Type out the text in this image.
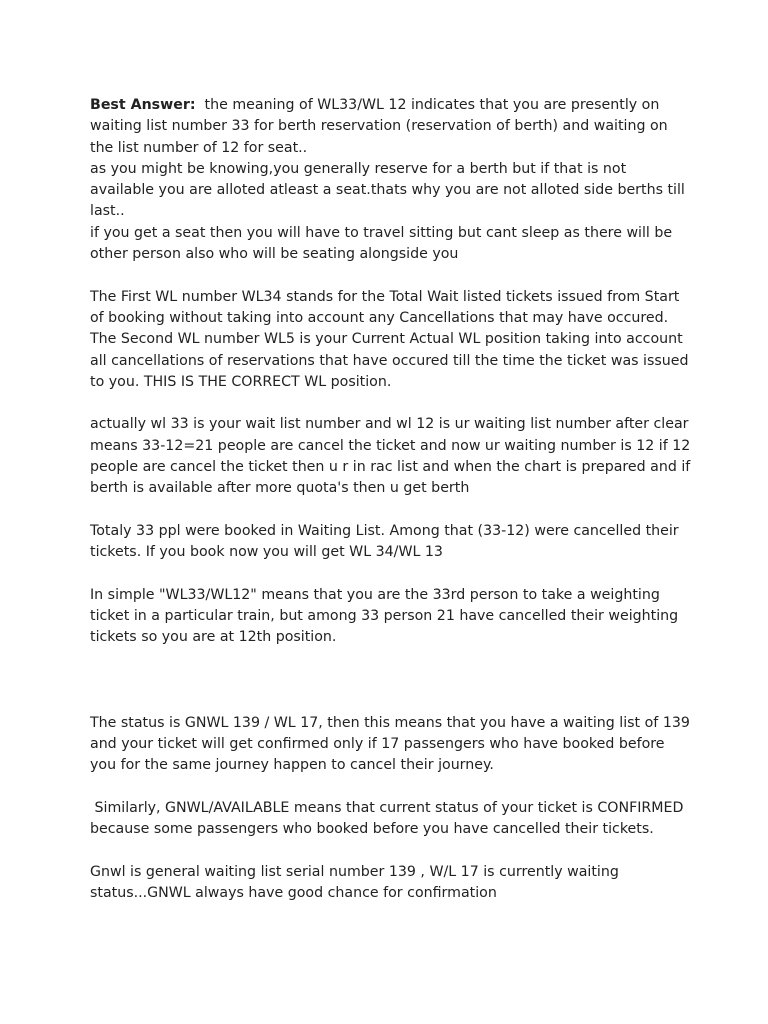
Best Answer:  the meaning of WL33/WL 12 indicates that you are presently on
waiting list number 33 for berth reservation (reservation of berth) and waiting on
the list number of 12 for seat..
as you might be knowing,you generally reserve for a berth but if that is not
available you are alloted atleast a seat.thats why you are not alloted side berths till
last..
if you get a seat then you will have to travel sitting but cant sleep as there will be
other person also who will be seating alongside you
The First WL number WL34 stands for the Total Wait listed tickets issued from Start
of booking without taking into account any Cancellations that may have occured.
The Second WL number WL5 is your Current Actual WL position taking into account
all cancellations of reservations that have occured till the time the ticket was issued
to you. THIS IS THE CORRECT WL position.
actually wl 33 is your wait list number and wl 12 is ur waiting list number after clear
means 33-12=21 people are cancel the ticket and now ur waiting number is 12 if 12
people are cancel the ticket then u r in rac list and when the chart is prepared and if
berth is available after more quota's then u get berth
Totaly 33 ppl were booked in Waiting List. Among that (33-12) were cancelled their
tickets. If you book now you will get WL 34/WL 13
In simple "WL33/WL12" means that you are the 33rd person to take a weighting
ticket in a particular train, but among 33 person 21 have cancelled their weighting
tickets so you are at 12th position.
The status is GNWL 139 / WL 17, then this means that you have a waiting list of 139
and your ticket will get confirmed only if 17 passengers who have booked before
you for the same journey happen to cancel their journey.
Similarly, GNWL/AVAILABLE means that current status of your ticket is CONFIRMED
because some passengers who booked before you have cancelled their tickets.
Gnwl is general waiting list serial number 139 , W/L 17 is currently waiting
status...GNWL always have good chance for confirmation
